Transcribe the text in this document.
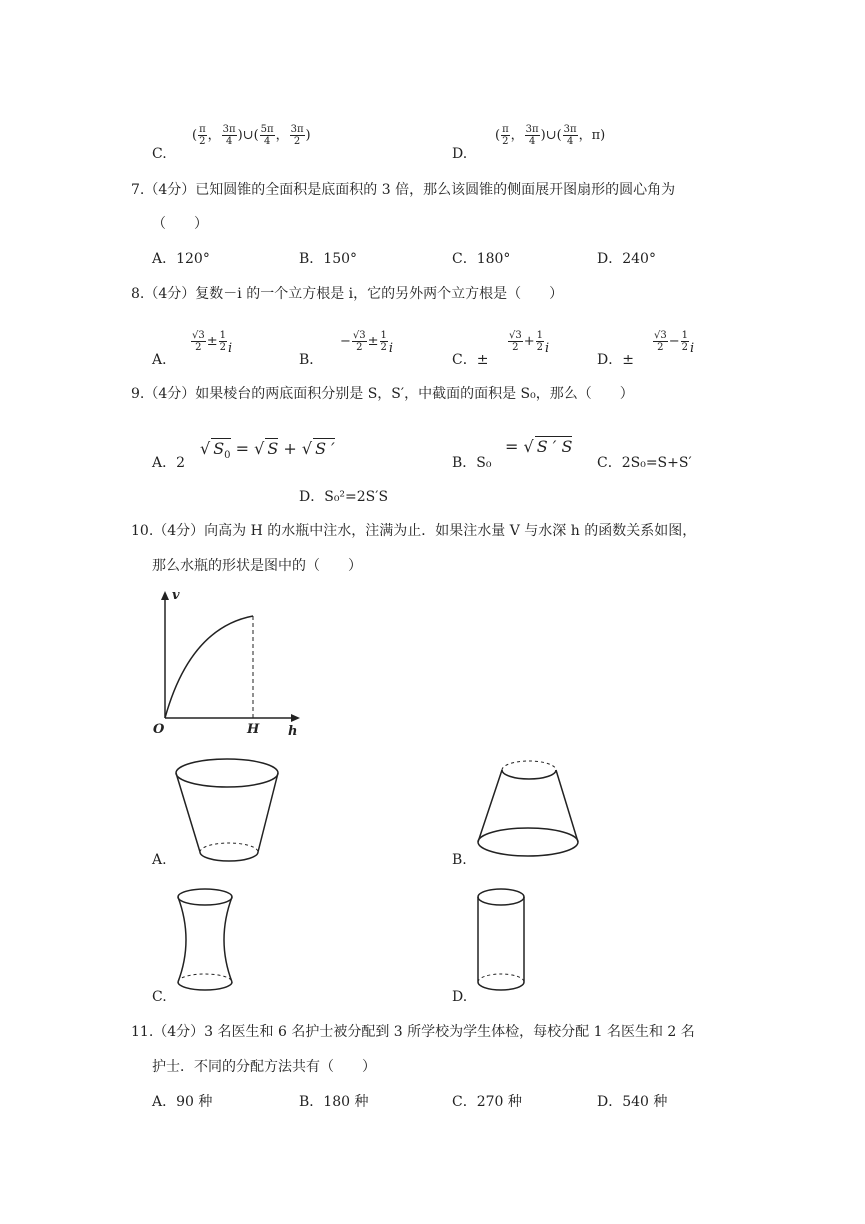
C.
( $\frac{\pi}{2}$ ， $\frac{3\pi}{4}$ )∪( $\frac{5\pi}{4}$ ， $\frac{3\pi}{2}$ )
D.
( $\frac{\pi}{2}$ ， $\frac{3\pi}{4}$ )∪( $\frac{3\pi}{4}$ ，π)
7.（4分）已知圆锥的全面积是底面积的 3 倍，那么该圆锥的侧面展开图扇形的圆心角为
（　　）
A．120°	B．150°	C．180°	D．240°
8.（4分）复数－i 的一个立方根是 i，它的另外两个立方根是（　　）
A．
$\frac{√3}{2} \pm \frac{1}{2}$ i
B．
− $\frac{√3}{2} \pm \frac{1}{2}$ i
C．±
$\frac{√3}{2} + \frac{1}{2}$ i
D．±
$\frac{√3}{2} - \frac{1}{2}$ i
9.（4分）如果棱台的两底面积分别是 S，S′，中截面的面积是 S₀，那么（　　）
A．2
√ $S_0$ = √ S + √ S ′
B．S₀
= √ S ′ S
C．2S₀=S+S′
D．S₀²=2S′S
10.（4分）向高为 H 的水瓶中注水，注满为止．如果注水量 V 与水深 h 的函数关系如图，
那么水瓶的形状是图中的（　　）
v
O	H h
A.	B.
C.	D.
11.（4分）3 名医生和 6 名护士被分配到 3 所学校为学生体检，每校分配 1 名医生和 2 名
护士．不同的分配方法共有（　　）
A．90 种	B．180 种	C．270 种	D．540 种
